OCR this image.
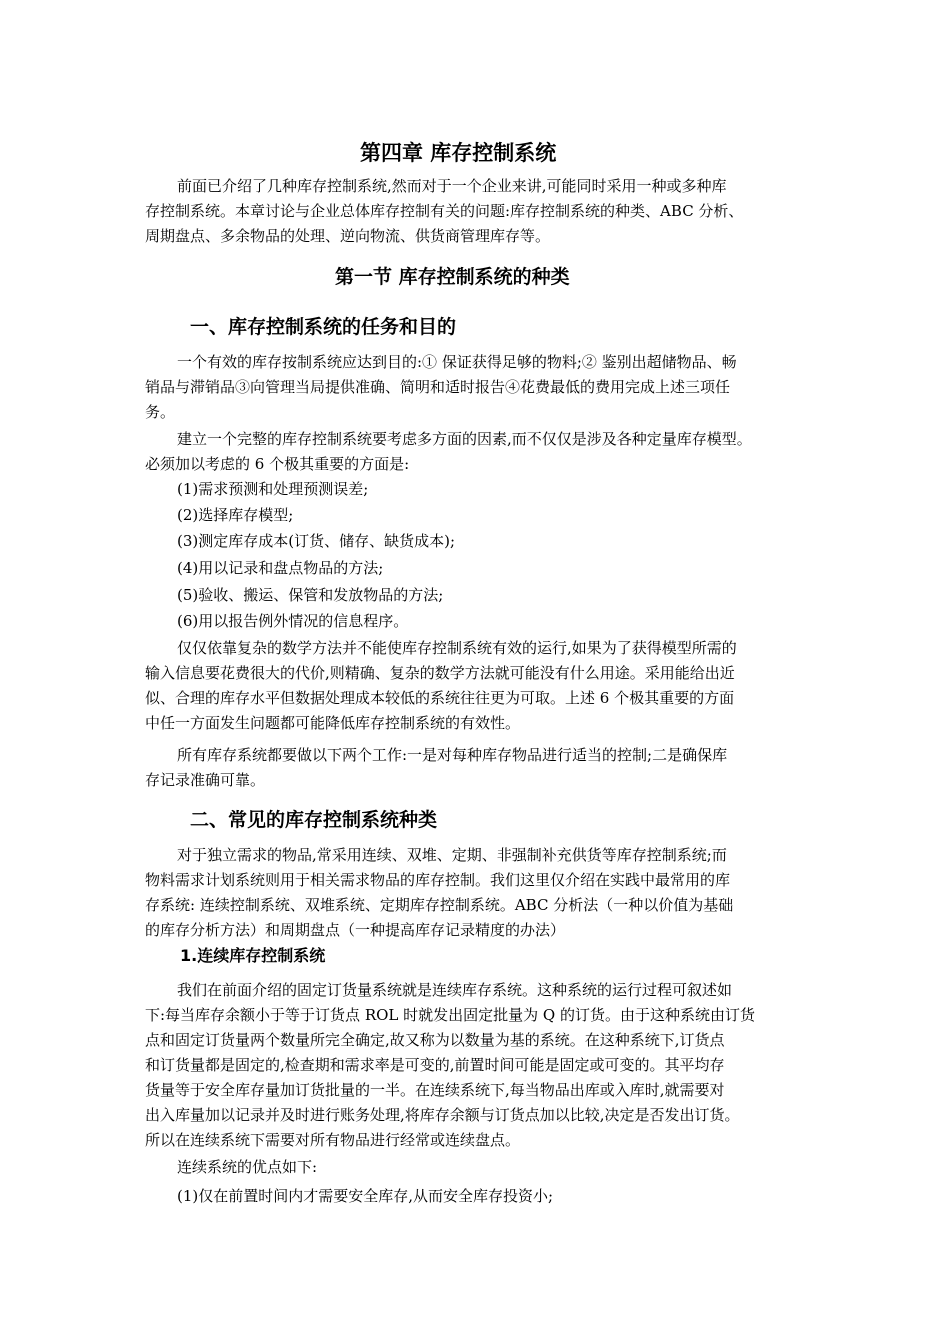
第四章 库存控制系统
前面已介绍了几种库存控制系统,然而对于一个企业来讲,可能同时采用一种或多种库
存控制系统。本章讨论与企业总体库存控制有关的问题:库存控制系统的种类、ABC 分析、
周期盘点、多余物品的处理、逆向物流、供货商管理库存等。
第一节 库存控制系统的种类
一、库存控制系统的任务和目的
一个有效的库存按制系统应达到目的:① 保证获得足够的物料;② 鉴别出超储物品、畅
销品与滞销品③向管理当局提供准确、简明和适时报告④花费最低的费用完成上述三项任
务。
建立一个完整的库存控制系统要考虑多方面的因素,而不仅仅是涉及各种定量库存模型。
必须加以考虑的 6 个极其重要的方面是:
(1)需求预测和处理预测误差;
(2)选择库存模型;
(3)测定库存成本(订货、储存、缺货成本);
(4)用以记录和盘点物品的方法;
(5)验收、搬运、保管和发放物品的方法;
(6)用以报告例外情况的信息程序。
仅仅依靠复杂的数学方法并不能使库存控制系统有效的运行,如果为了获得模型所需的
输入信息要花费很大的代价,则精确、复杂的数学方法就可能没有什么用途。采用能给出近
似、合理的库存水平但数据处理成本较低的系统往往更为可取。上述 6 个极其重要的方面
中任一方面发生问题都可能降低库存控制系统的有效性。
所有库存系统都要做以下两个工作:一是对每种库存物品进行适当的控制;二是确保库
存记录准确可靠。
二、常见的库存控制系统种类
对于独立需求的物品,常采用连续、双堆、定期、非强制补充供货等库存控制系统;而
物料需求计划系统则用于相关需求物品的库存控制。我们这里仅介绍在实践中最常用的库
存系统: 连续控制系统、双堆系统、定期库存控制系统。ABC 分析法（一种以价值为基础
的库存分析方法）和周期盘点（一种提高库存记录精度的办法）
1.连续库存控制系统
我们在前面介绍的固定订货量系统就是连续库存系统。这种系统的运行过程可叙述如
下:每当库存余额小于等于订货点 ROL 时就发出固定批量为 Q 的订货。由于这种系统由订货
点和固定订货量两个数量所完全确定,故又称为以数量为基的系统。在这种系统下,订货点
和订货量都是固定的,检查期和需求率是可变的,前置时间可能是固定或可变的。其平均存
货量等于安全库存量加订货批量的一半。在连续系统下,每当物品出库或入库时,就需要对
出入库量加以记录并及时进行账务处理,将库存余额与订货点加以比较,决定是否发出订货。
所以在连续系统下需要对所有物品进行经常或连续盘点。
连续系统的优点如下:
(1)仅在前置时间内才需要安全库存,从而安全库存投资小;
